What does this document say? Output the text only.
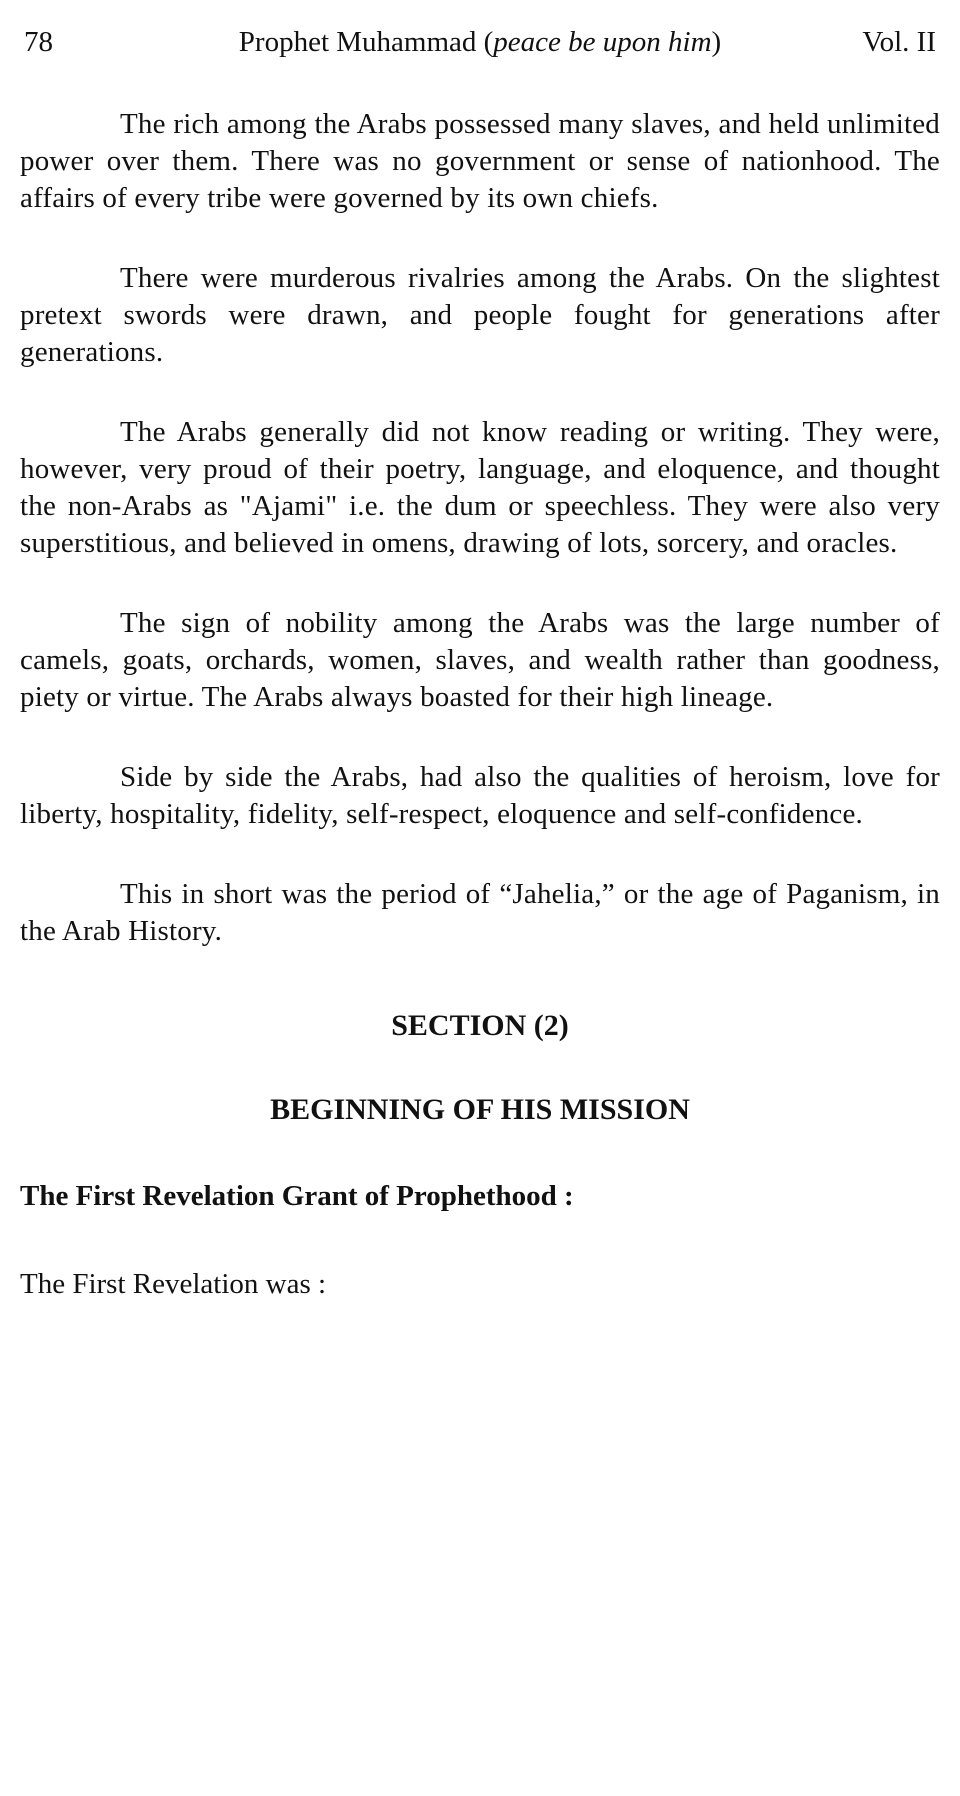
78	Prophet Muhammad (peace be upon him)	Vol. II

The rich among the Arabs possessed many slaves, and held unlimited power over them. There was no government or sense of nationhood. The affairs of every tribe were governed by its own chiefs.

There were murderous rivalries among the Arabs. On the slightest pretext swords were drawn, and people fought for generations after generations.

The Arabs generally did not know reading or writing. They were, however, very proud of their poetry, language, and eloquence, and thought the non-Arabs as "Ajami" i.e. the dum or speechless. They were also very superstitious, and believed in omens, drawing of lots, sorcery, and oracles.

The sign of nobility among the Arabs was the large number of camels, goats, orchards, women, slaves, and wealth rather than goodness, piety or virtue. The Arabs always boasted for their high lineage.

Side by side the Arabs, had also the qualities of heroism, love for liberty, hospitality, fidelity, self-respect, eloquence and self-confidence.

This in short was the period of “Jahelia,” or the age of Paganism, in the Arab History.

SECTION (2)
BEGINNING OF HIS MISSION
The First Revelation Grant of Prophethood :

The First Revelation was :
